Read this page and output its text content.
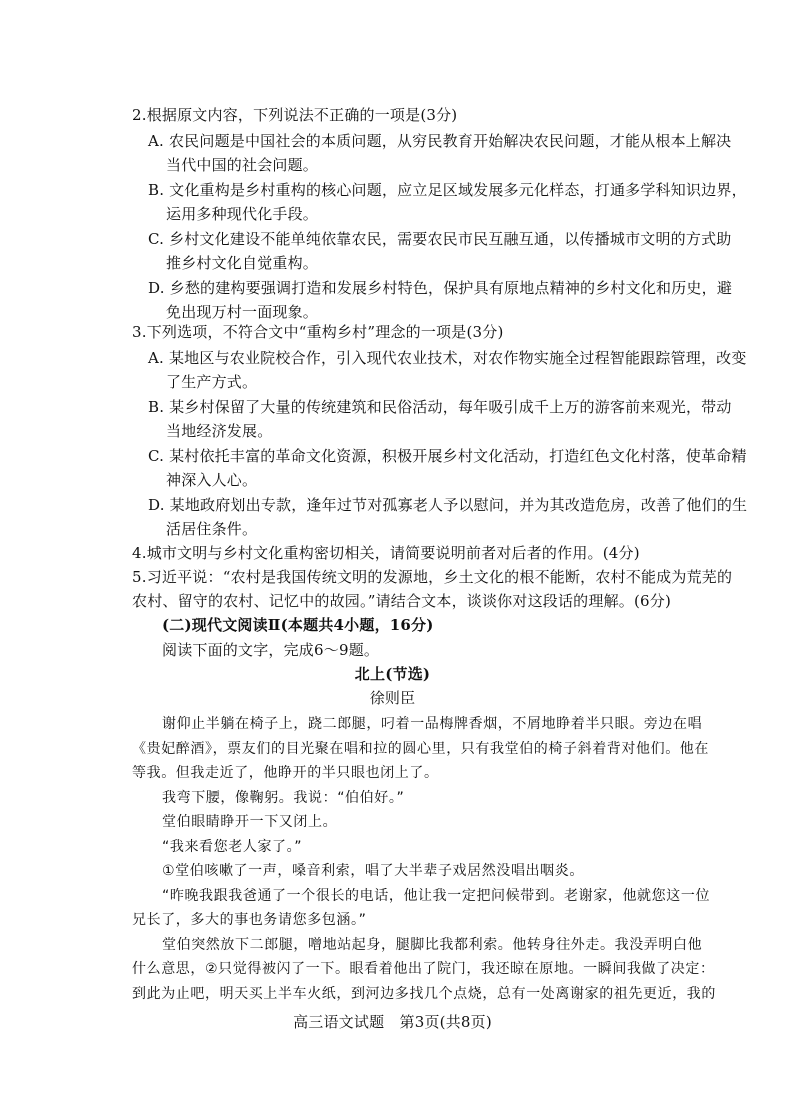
2.根据原文内容，下列说法不正确的一项是(3分)
A. 农民问题是中国社会的本质问题，从穷民教育开始解决农民问题，才能从根本上解决
当代中国的社会问题。
B. 文化重构是乡村重构的核心问题，应立足区域发展多元化样态，打通多学科知识边界，
运用多种现代化手段。
C. 乡村文化建设不能单纯依靠农民，需要农民市民互融互通，以传播城市文明的方式助
推乡村文化自觉重构。
D. 乡愁的建构要强调打造和发展乡村特色，保护具有原地点精神的乡村文化和历史，避
免出现万村一面现象。
3.下列选项，不符合文中“重构乡村”理念的一项是(3分)
A. 某地区与农业院校合作，引入现代农业技术，对农作物实施全过程智能跟踪管理，改变
了生产方式。
B. 某乡村保留了大量的传统建筑和民俗活动，每年吸引成千上万的游客前来观光，带动
当地经济发展。
C. 某村依托丰富的革命文化资源，积极开展乡村文化活动，打造红色文化村落，使革命精
神深入人心。
D. 某地政府划出专款，逢年过节对孤寡老人予以慰问，并为其改造危房，改善了他们的生
活居住条件。
4.城市文明与乡村文化重构密切相关，请简要说明前者对后者的作用。(4分)
5.习近平说：“农村是我国传统文明的发源地，乡土文化的根不能断，农村不能成为荒芜的
农村、留守的农村、记忆中的故园。”请结合文本，谈谈你对这段话的理解。(6分)
(二)现代文阅读Ⅱ(本题共4小题，16分)
阅读下面的文字，完成6～9题。
北上(节选)
徐则臣
谢仰止半躺在椅子上，跷二郎腿，叼着一品梅牌香烟，不屑地睁着半只眼。旁边在唱
《贵妃醉酒》，票友们的目光聚在唱和拉的圆心里，只有我堂伯的椅子斜着背对他们。他在
等我。但我走近了，他睁开的半只眼也闭上了。
我弯下腰，像鞠躬。我说：“伯伯好。”
堂伯眼睛睁开一下又闭上。
“我来看您老人家了。”
①堂伯咳嗽了一声，嗓音利索，唱了大半辈子戏居然没唱出咽炎。
“昨晚我跟我爸通了一个很长的电话，他让我一定把问候带到。老谢家，他就您这一位
兄长了，多大的事也务请您多包涵。”
堂伯突然放下二郎腿，噌地站起身，腿脚比我都利索。他转身往外走。我没弄明白他
什么意思，②只觉得被闪了一下。眼看着他出了院门，我还晾在原地。一瞬间我做了决定：
到此为止吧，明天买上半车火纸，到河边多找几个点烧，总有一处离谢家的祖先更近，我的
高三语文试题　第3页(共8页)
